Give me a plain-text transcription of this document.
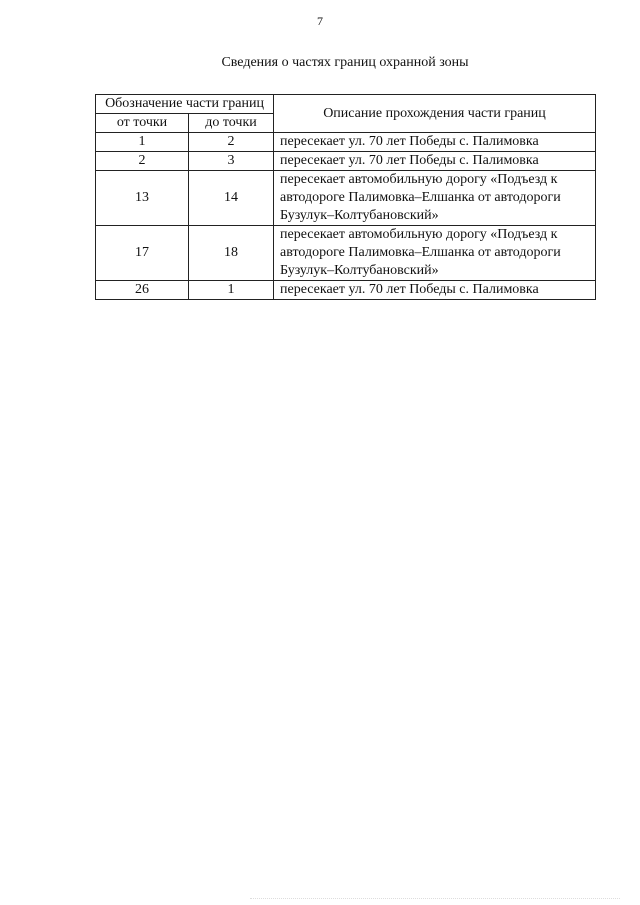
7
Сведения о частях границ охранной зоны
Обозначение части границ		Описание прохождения части границ
от точки	до точки	
1	2	пересекает ул. 70 лет Победы с. Палимовка
2	3	пересекает ул. 70 лет Победы с. Палимовка
13	14	пересекает автомобильную дорогу «Подъезд к автодороге Палимовка–Елшанка от автодороги Бузулук–Колтубановский»
17	18	пересекает автомобильную дорогу «Подъезд к автодороге Палимовка–Елшанка от автодороги Бузулук–Колтубановский»
26	1	пересекает ул. 70 лет Победы с. Палимовка
